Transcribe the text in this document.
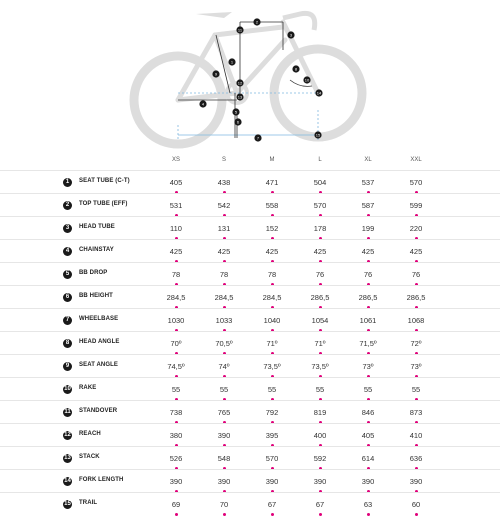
1
2
3
4
5
6
7
8
9
10
11
12
13
14
15
XS	S	M	L	XL	XXL
1	SEAT TUBE (C-T)	405	438	471	504	537	570
2	TOP TUBE (EFF)	531	542	558	570	587	599
3	HEAD TUBE	110	131	152	178	199	220
4	CHAINSTAY	425	425	425	425	425	425
5	BB DROP	78	78	78	76	76	76
6	BB HEIGHT	284,5	284,5	284,5	286,5	286,5	286,5
7	WHEELBASE	1030	1033	1040	1054	1061	1068
8	HEAD ANGLE	70º	70,5º	71º	71º	71,5º	72º
9	SEAT ANGLE	74,5º	74º	73,5º	73,5º	73º	73º
10 RAKE	55	55	55	55	55	55
11 STANDOVER	738	765	792	819	846	873
12 REACH	380	390	395	400	405	410
13 STACK	526	548	570	592	614	636
14 FORK LENGTH	390	390	390	390	390	390
15 TRAIL	69	70	67	67	63	60
